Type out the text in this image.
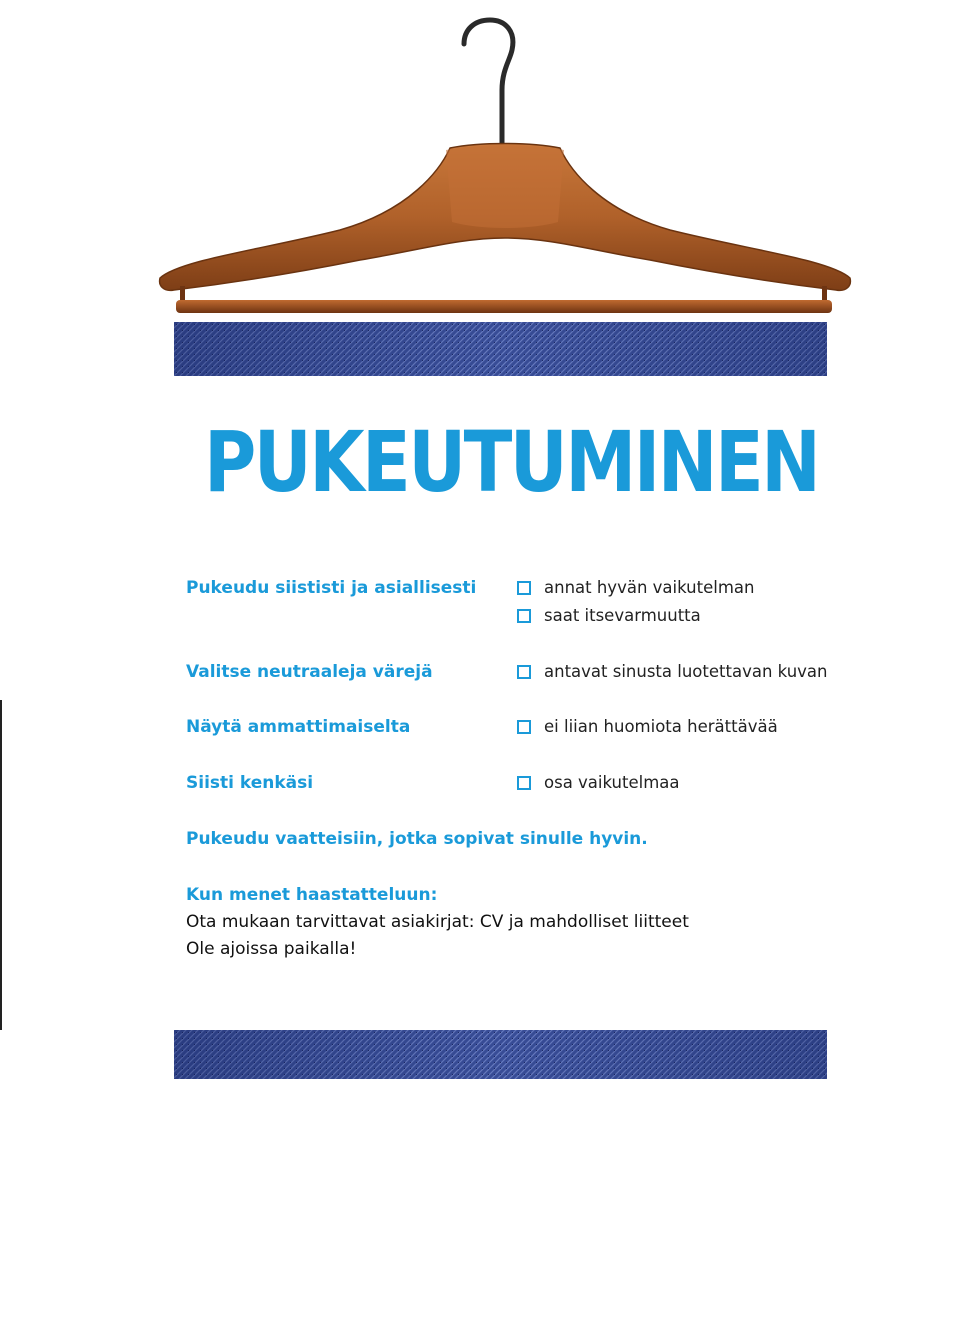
PUKEUTUMINEN
Pukeudu siististi ja asiallisesti	annat hyvän vaikutelman
saat itsevarmuutta
Valitse neutraaleja värejä	antavat sinusta luotettavan kuvan
Näytä ammattimaiselta	ei liian huomiota herättävää
Siisti kenkäsi	osa vaikutelmaa
Pukeudu vaatteisiin, jotka sopivat sinulle hyvin.
Kun menet haastatteluun:
Ota mukaan tarvittavat asiakirjat: CV ja mahdolliset liitteet
Ole ajoissa paikalla!
